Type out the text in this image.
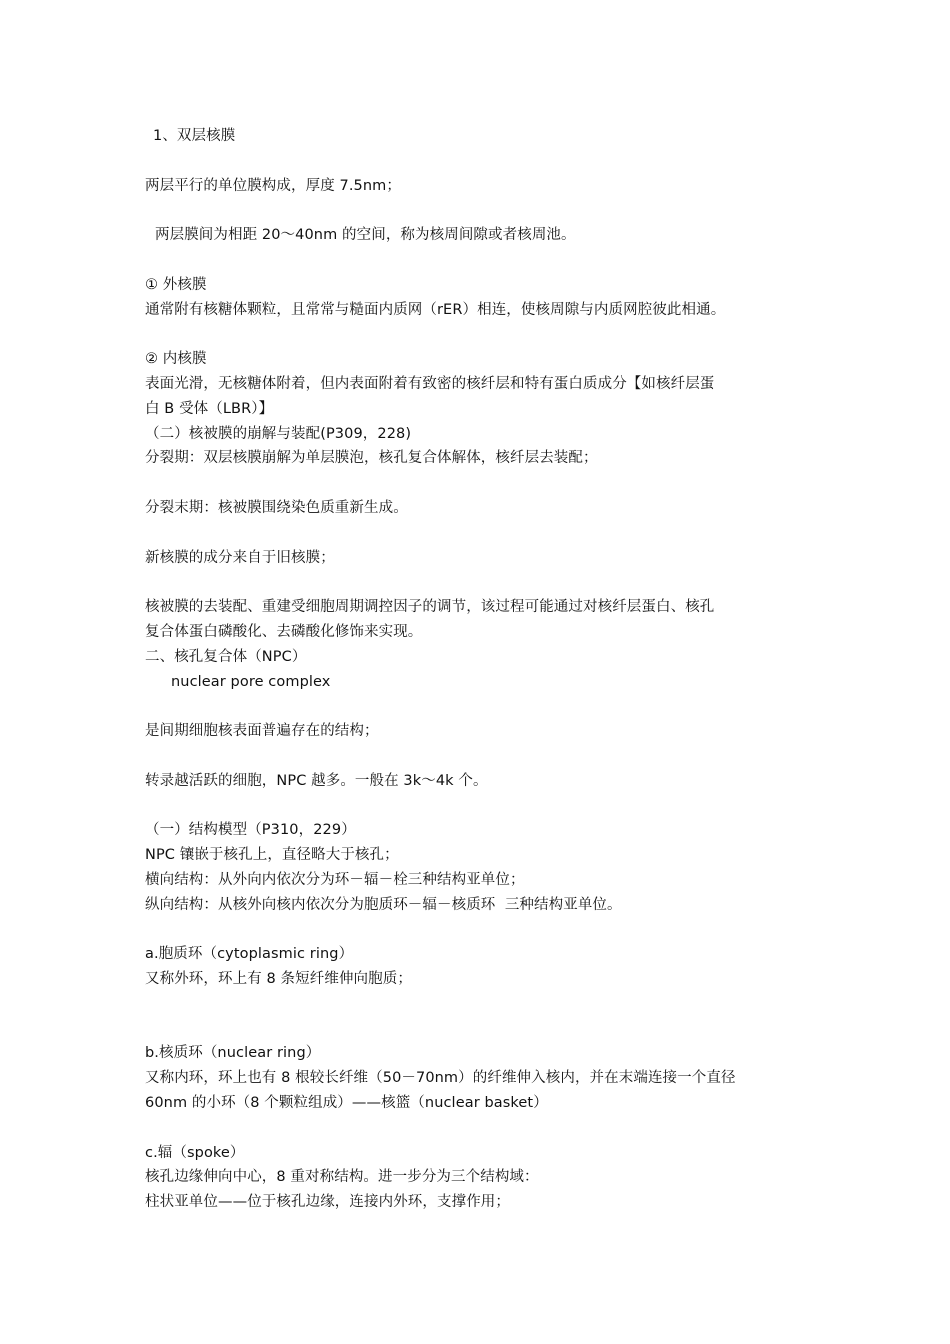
1、双层核膜
两层平行的单位膜构成，厚度 7.5nm；
两层膜间为相距 20～40nm 的空间，称为核周间隙或者核周池。
① 外核膜
通常附有核糖体颗粒，且常常与糙面内质网（rER）相连，使核周隙与内质网腔彼此相通。
② 内核膜
表面光滑，无核糖体附着，但内表面附着有致密的核纤层和特有蛋白质成分【如核纤层蛋
白 B 受体（LBR）】
（二）核被膜的崩解与装配(P309，228)
分裂期：双层核膜崩解为单层膜泡，核孔复合体解体，核纤层去装配；
分裂末期：核被膜围绕染色质重新生成。
新核膜的成分来自于旧核膜；
核被膜的去装配、重建受细胞周期调控因子的调节，该过程可能通过对核纤层蛋白、核孔
复合体蛋白磷酸化、去磷酸化修饰来实现。
二、核孔复合体（NPC）
nuclear pore complex
是间期细胞核表面普遍存在的结构；
转录越活跃的细胞，NPC 越多。一般在 3k～4k 个。
（一）结构模型（P310，229）
NPC 镶嵌于核孔上，直径略大于核孔；
横向结构：从外向内依次分为环－辐－栓三种结构亚单位；
纵向结构：从核外向核内依次分为胞质环－辐－核质环  三种结构亚单位。
a.胞质环（cytoplasmic ring）
又称外环，环上有 8 条短纤维伸向胞质；
b.核质环（nuclear ring）
又称内环，环上也有 8 根较长纤维（50－70nm）的纤维伸入核内，并在末端连接一个直径
60nm 的小环（8 个颗粒组成）——核篮（nuclear basket）
c.辐（spoke）
核孔边缘伸向中心，8 重对称结构。进一步分为三个结构域：
柱状亚单位——位于核孔边缘，连接内外环，支撑作用；
